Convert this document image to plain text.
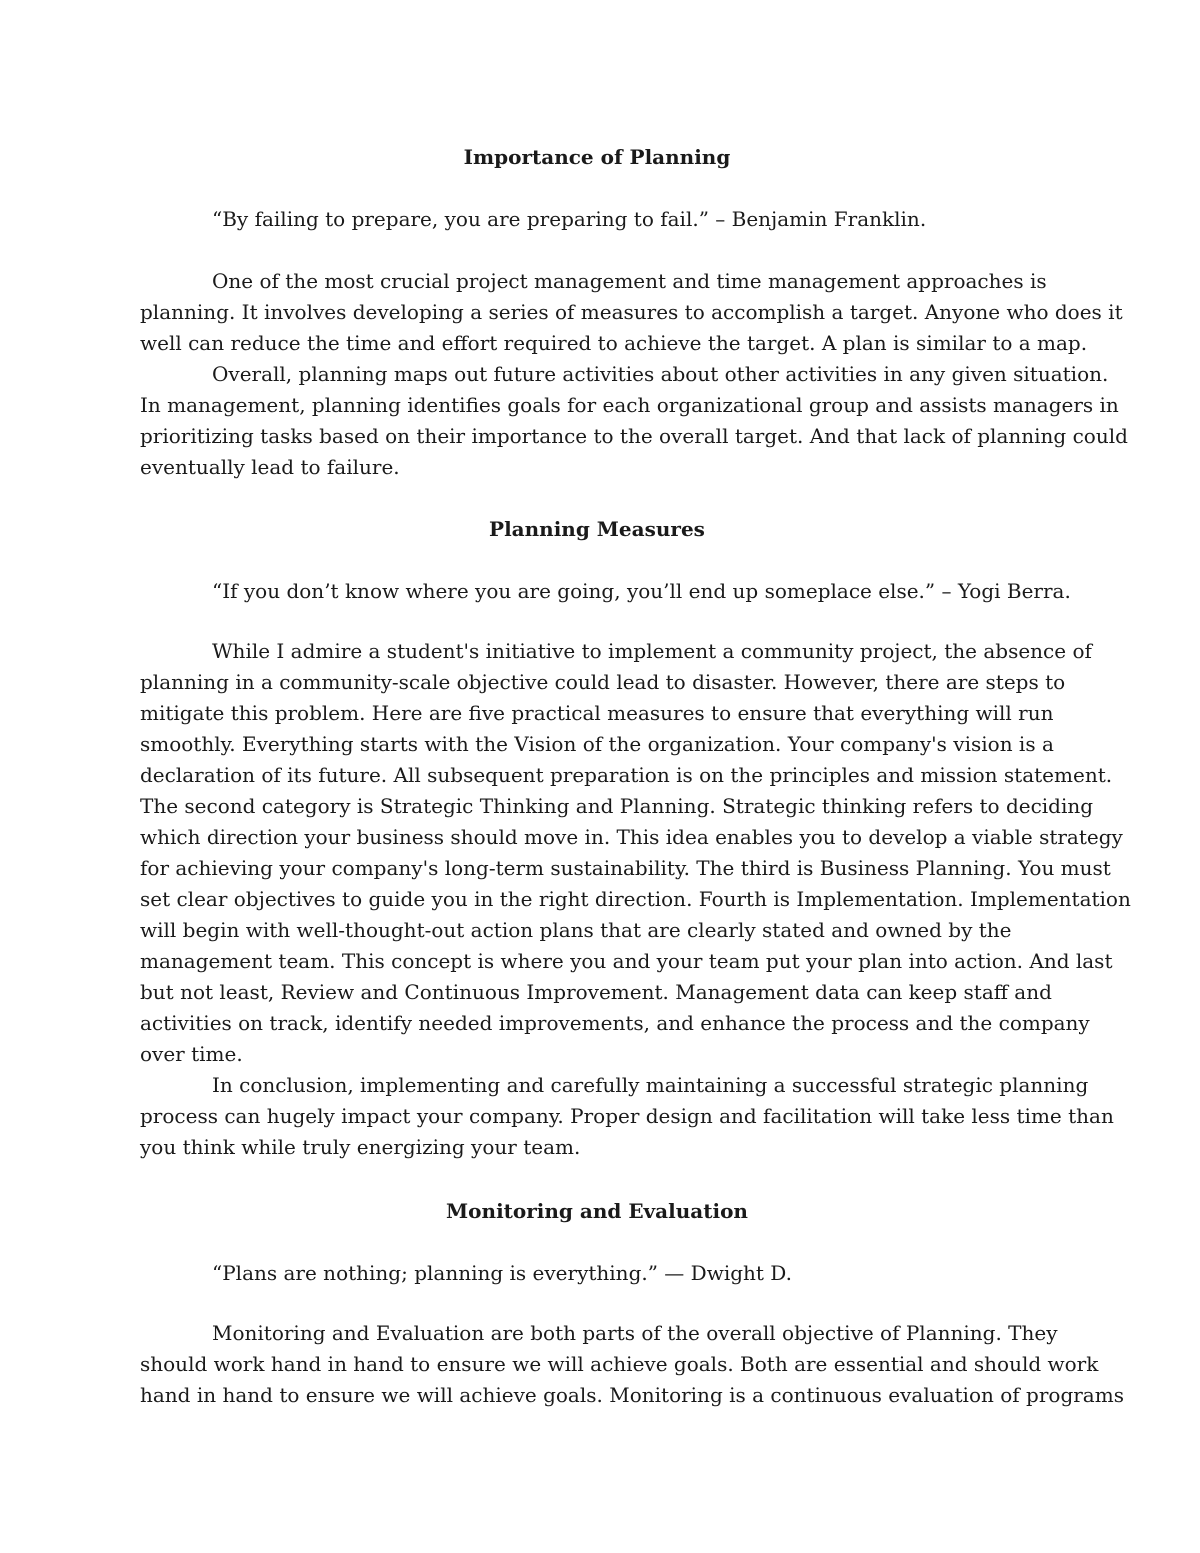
Importance of Planning
“By failing to prepare, you are preparing to fail.” – Benjamin Franklin.
One of the most crucial project management and time management approaches is
planning. It involves developing a series of measures to accomplish a target. Anyone who does it
well can reduce the time and effort required to achieve the target. A plan is similar to a map.
Overall, planning maps out future activities about other activities in any given situation.
In management, planning identifies goals for each organizational group and assists managers in
prioritizing tasks based on their importance to the overall target. And that lack of planning could
eventually lead to failure.
Planning Measures
“If you don’t know where you are going, you’ll end up someplace else.” – Yogi Berra.
While I admire a student's initiative to implement a community project, the absence of
planning in a community-scale objective could lead to disaster. However, there are steps to
mitigate this problem. Here are five practical measures to ensure that everything will run
smoothly. Everything starts with the Vision of the organization. Your company's vision is a
declaration of its future. All subsequent preparation is on the principles and mission statement.
The second category is Strategic Thinking and Planning. Strategic thinking refers to deciding
which direction your business should move in. This idea enables you to develop a viable strategy
for achieving your company's long-term sustainability. The third is Business Planning. You must
set clear objectives to guide you in the right direction. Fourth is Implementation. Implementation
will begin with well-thought-out action plans that are clearly stated and owned by the
management team. This concept is where you and your team put your plan into action. And last
but not least, Review and Continuous Improvement. Management data can keep staff and
activities on track, identify needed improvements, and enhance the process and the company
over time.
In conclusion, implementing and carefully maintaining a successful strategic planning
process can hugely impact your company. Proper design and facilitation will take less time than
you think while truly energizing your team.
Monitoring and Evaluation
“Plans are nothing; planning is everything.” — Dwight D.
Monitoring and Evaluation are both parts of the overall objective of Planning. They
should work hand in hand to ensure we will achieve goals. Both are essential and should work
hand in hand to ensure we will achieve goals. Monitoring is a continuous evaluation of programs
